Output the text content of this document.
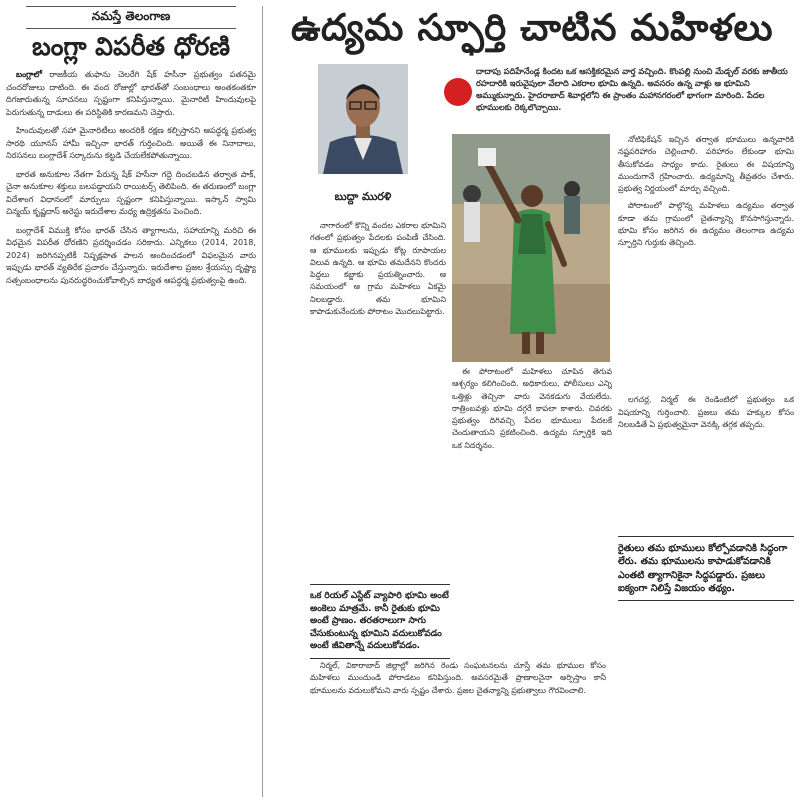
నమస్తే తెలంగాణ
బంగ్లా విపరీత ధోరణి

బంగ్లాలో రాజకీయ తుఫాను చెలరేగి షేక్ హసీనా ప్రభుత్వం పతనమై చందరోజులు దాటింది. ఈ వంద రోజుల్లో భారత్‌తో సంబంధాలు అంతకంతకూ దిగజారుతున్న సూచనలు స్పష్టంగా కనిపిస్తున్నాయి. మైనారిటీ హిందువులపై పెరుగుతున్న దాడులు ఈ పరిస్థితికి కారణమని చెప్తారు.

హిందువులతో సహా మైనారిటీలు అందరికీ రక్షణ కల్పిస్తానని ఆపద్ధర్మ ప్రభుత్వ సారథి యూనస్ హామీ ఇచ్చినా భారత్ గుర్తించింది. అయితే ఈ నినాదాలు, నిరసనలు బంగ్లాదేశ్ సర్కారును కట్టడి చేయలేకపోతున్నాయి.

భారత అనుకూల నేతగా పేరున్న షేక్ హసీనా గద్దె దించబడిన తర్వాత పాక్, చైనా అనుకూల శక్తులు బలపడ్డాయని రాయిటర్స్ తెలిపింది. ఈ తరుణంలో బంగ్లా విదేశాంగ విధానంలో మార్పులు స్పష్టంగా కనిపిస్తున్నాయి. ఇస్కాన్ స్వామి చిన్మయ్ కృష్ణదాస్ అరెస్టు ఇరుదేశాల మధ్య ఉద్రిక్తతను పెంచింది.

బంగ్లాదేశ్ విముక్తి కోసం భారత్ చేసిన త్యాగాలను, సహాయాన్ని మరిచి ఈ విధమైన విపరీత ధోరణిని ప్రదర్శించడం సరికాదు. ఎన్నికలు (2014, 2018, 2024) జరిగినప్పటికీ నిష్పక్షపాత పాలన అందించడంలో విఫలమైన వారు ఇప్పుడు భారత్ వ్యతిరేక ప్రచారం చేస్తున్నారు. ఇరుదేశాల ప్రజల శ్రేయస్సు దృష్ట్యా సత్సంబంధాలను పునరుద్ధరించుకోవాల్సిన బాధ్యత ఆపద్ధర్మ ప్రభుత్వంపై ఉంది.

ఉద్యమ స్ఫూర్తి చాటిన మహిళలు
బుద్దా మురళి
దాదాపు పదిహేనేండ్ల కిందట ఒక ఆసక్తికరమైన వార్త వచ్చింది. కొంపల్లి నుంచి మేడ్చల్ వరకు జాతీయ రహదారికి ఇరువైపులా వేలాది ఎకరాల భూమి ఉన్నది. అవసరం ఉన్న వాళ్లు ఆ భూమిని అమ్ముకున్నారు. హైదరాబాద్ శివార్లలోని ఈ ప్రాంతం మహానగరంలో భాగంగా మారింది. పేదల భూములకు రెక్కలొచ్చాయి.

నాగారంలో కొన్ని వందల ఎకరాల భూమిని గతంలో ప్రభుత్వం పేదలకు పంపిణీ చేసింది. ఆ భూములకు ఇప్పుడు కోట్ల రూపాయల విలువ ఉన్నది. ఆ భూమి తమదేనని కొందరు పెద్దలు కబ్జాకు ప్రయత్నించారు. ఆ సమయంలో ఆ గ్రామ మహిళలు ఏకమై నిలబడ్డారు. తమ భూమిని కాపాడుకునేందుకు పోరాటం మొదలుపెట్టారు.

ఈ పోరాటంలో మహిళలు చూపిన తెగువ ఆశ్చర్యం కలిగించింది. అధికారులు, పోలీసులు ఎన్ని ఒత్తిళ్లు తెచ్చినా వారు వెనకడుగు వేయలేదు. రాత్రింబవళ్లు భూమి దగ్గరే కాపలా కాశారు. చివరకు ప్రభుత్వం దిగివచ్చి పేదల భూములు పేదలకే చెందుతాయని ప్రకటించింది. ఉద్యమ స్ఫూర్తికి ఇది ఒక నిదర్శనం.

నోటిఫికేషన్ ఇచ్చిన తర్వాత భూములు ఉన్నవారికి నష్టపరిహారం చెల్లించాలి. పరిహారం లేకుండా భూమి తీసుకోవడం సాధ్యం కాదు. రైతులు ఈ విషయాన్ని ముందుగానే గ్రహించారు. ఉద్యమాన్ని తీవ్రతరం చేశారు. ప్రభుత్వ నిర్ణయంలో మార్పు వచ్చింది.

పోరాటంలో పాల్గొన్న మహిళలు ఉద్యమం తర్వాత కూడా తమ గ్రామంలో చైతన్యాన్ని కొనసాగిస్తున్నారు. భూమి కోసం జరిగిన ఈ ఉద్యమం తెలంగాణ ఉద్యమ స్ఫూర్తిని గుర్తుకు తెచ్చింది.

లగచర్ల, నిర్మల్ ఈ రెండింటిలో ప్రభుత్వం ఒక విషయాన్ని గుర్తించాలి. ప్రజలు తమ హక్కుల కోసం నిలబడితే ఏ ప్రభుత్వమైనా వెనక్కి తగ్గక తప్పదు.

ఒక రియల్ ఎస్టేట్ వ్యాపారి భూమి అంటే అంకెలు మాత్రమే. కానీ రైతుకు భూమి అంటే ప్రాణం. తరతరాలుగా సాగు చేసుకుంటున్న భూమిని వదులుకోవడం అంటే జీవితాన్నే వదులుకోవడం.
రైతులు తమ భూములు కోల్పోవడానికి సిద్ధంగా లేరు. తమ భూములను కాపాడుకోవడానికి ఎంతటి త్యాగానికైనా సిద్ధపడ్డారు. ప్రజలు ఐక్యంగా నిలిస్తే విజయం తథ్యం.

నిర్మల్, వికారాబాద్ జిల్లాల్లో జరిగిన రెండు సంఘటనలను చూస్తే తమ భూముల కోసం మహిళలు ముందుండి పోరాడటం కనిపిస్తుంది. అవసరమైతే ప్రాణాలనైనా అర్పిస్తాం కానీ భూములను వదులుకోమని వారు స్పష్టం చేశారు. ప్రజల చైతన్యాన్ని ప్రభుత్వాలు గౌరవించాలి.
